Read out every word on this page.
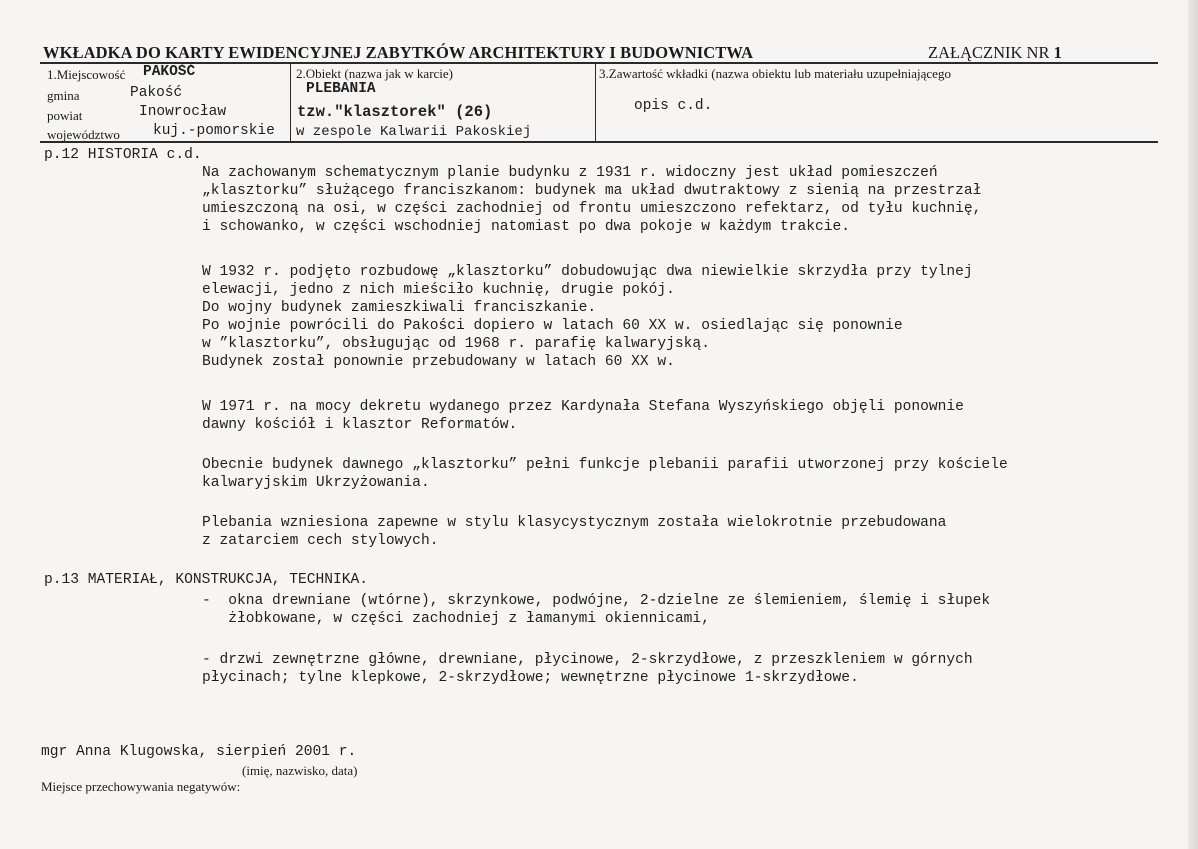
WKŁADKA DO KARTY EWIDENCYJNEJ ZABYTKÓW ARCHITEKTURY I BUDOWNICTWA	ZAŁĄCZNIK NR 1
1.Miejscowość PAKOŚĆ
gmina	Pakość
powiat	Inowrocław
województwo kuj.-pomorskie
2.Obiekt (nazwa jak w karcie)
PLEBANIA
tzw."klasztorek" (26)
w zespole Kalwarii Pakoskiej
3.Zawartość wkładki (nazwa obiektu lub materiału uzupełniającego
opis c.d.
p.12 HISTORIA c.d.
Na zachowanym schematycznym planie budynku z 1931 r. widoczny jest układ pomieszczeń
„klasztorku” służącego franciszkanom: budynek ma układ dwutraktowy z sienią na przestrzał
umieszczoną na osi, w części zachodniej od frontu umieszczono refektarz, od tyłu kuchnię,
i schowanko, w części wschodniej natomiast po dwa pokoje w każdym trakcie.
W 1932 r. podjęto rozbudowę „klasztorku” dobudowując dwa niewielkie skrzydła przy tylnej
elewacji, jedno z nich mieściło kuchnię, drugie pokój.
Do wojny budynek zamieszkiwali franciszkanie.
Po wojnie powrócili do Pakości dopiero w latach 60 XX w. osiedlając się ponownie
w ”klasztorku”, obsługując od 1968 r. parafię kalwaryjską.
Budynek został ponownie przebudowany w latach 60 XX w.
W 1971 r. na mocy dekretu wydanego przez Kardynała Stefana Wyszyńskiego objęli ponownie
dawny kościół i klasztor Reformatów.
Obecnie budynek dawnego „klasztorku” pełni funkcje plebanii parafii utworzonej przy kościele
kalwaryjskim Ukrzyżowania.
Plebania wzniesiona zapewne w stylu klasycystycznym została wielokrotnie przebudowana
z zatarciem cech stylowych.
p.13 MATERIAŁ, KONSTRUKCJA, TECHNIKA.
-  okna drewniane (wtórne), skrzynkowe, podwójne, 2-dzielne ze ślemieniem, ślemię i słupek
żłobkowane, w części zachodniej z łamanymi okiennicami,
- drzwi zewnętrzne główne, drewniane, płycinowe, 2-skrzydłowe, z przeszkleniem w górnych
płycinach; tylne klepkowe, 2-skrzydłowe; wewnętrzne płycinowe 1-skrzydłowe.
mgr Anna Klugowska, sierpień 2001 r.
(imię, nazwisko, data)
Miejsce przechowywania negatywów:
